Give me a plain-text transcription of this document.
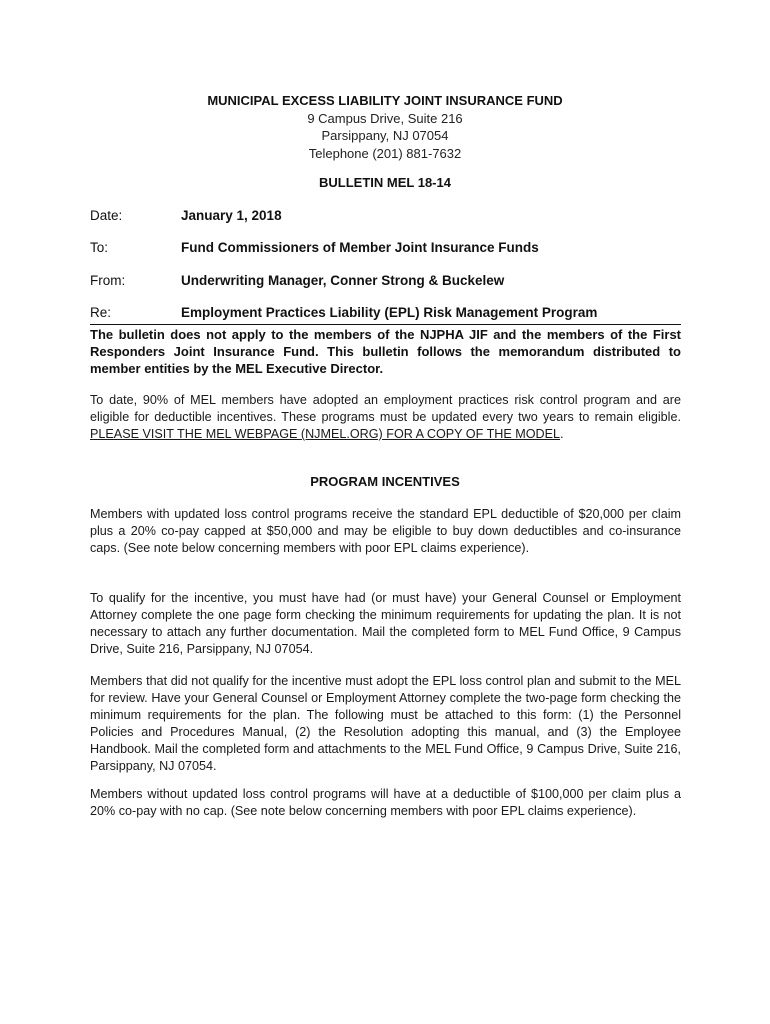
MUNICIPAL EXCESS LIABILITY JOINT INSURANCE FUND
9 Campus Drive, Suite 216
Parsippany, NJ 07054
Telephone (201) 881-7632
BULLETIN MEL 18-14
Date:	January 1, 2018
To:	Fund Commissioners of Member Joint Insurance Funds
From:	Underwriting Manager, Conner Strong & Buckelew
Re:	Employment Practices Liability (EPL) Risk Management Program
The bulletin does not apply to the members of the NJPHA JIF and the members of the First Responders Joint Insurance Fund. This bulletin follows the memorandum distributed to member entities by the MEL Executive Director.
To date, 90% of MEL members have adopted an employment practices risk control program and are eligible for deductible incentives. These programs must be updated every two years to remain eligible. PLEASE VISIT THE MEL WEBPAGE (NJMEL.ORG) FOR A COPY OF THE MODEL.
PROGRAM INCENTIVES
Members with updated loss control programs receive the standard EPL deductible of $20,000 per claim plus a 20% co-pay capped at $50,000 and may be eligible to buy down deductibles and co-insurance caps. (See note below concerning members with poor EPL claims experience).
To qualify for the incentive, you must have had (or must have) your General Counsel or Employment Attorney complete the one page form checking the minimum requirements for updating the plan. It is not necessary to attach any further documentation. Mail the completed form to MEL Fund Office, 9 Campus Drive, Suite 216, Parsippany, NJ 07054.
Members that did not qualify for the incentive must adopt the EPL loss control plan and submit to the MEL for review. Have your General Counsel or Employment Attorney complete the two-page form checking the minimum requirements for the plan. The following must be attached to this form: (1) the Personnel Policies and Procedures Manual, (2) the Resolution adopting this manual, and (3) the Employee Handbook. Mail the completed form and attachments to the MEL Fund Office, 9 Campus Drive, Suite 216, Parsippany, NJ 07054.
Members without updated loss control programs will have at a deductible of $100,000 per claim plus a 20% co-pay with no cap. (See note below concerning members with poor EPL claims experience).
